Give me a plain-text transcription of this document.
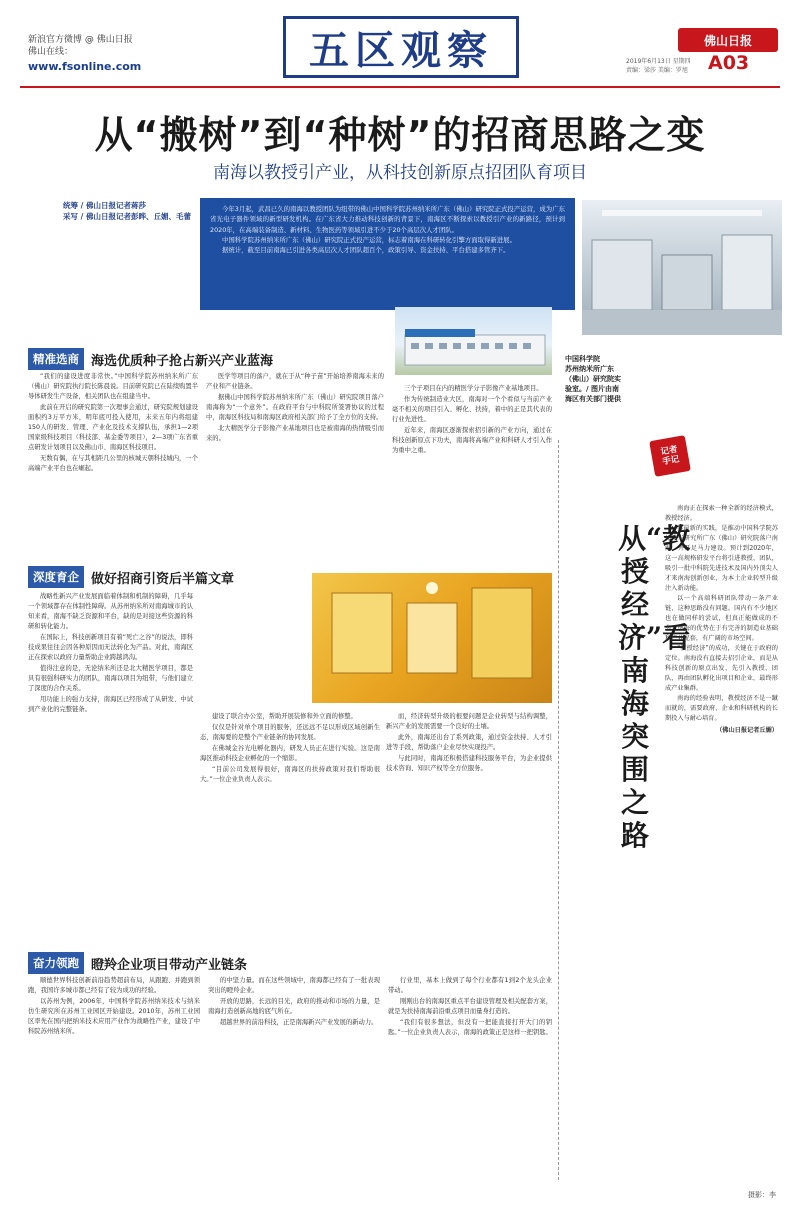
新浪官方微博 @ 佛山日报
佛山在线：
www.fsonline.com	五区观察	佛山日报
2019年6月13日 星期四
责编：梁莎 美编：罗旭 A03
从“搬树”到“种树”的招商思路之变
南海以教授引产业，从科技创新原点招团队育项目
统筹 / 佛山日报记者蒋莎
采写 / 佛山日报记者彭晔、丘媚、毛蕾

今年3月起，武昌已久的南海以教授团队为纽带的佛山中国科学院苏州纳米所广东（佛山）研究院正式投产运营，成为广东省光电子器件领域的新型研发机构。在广东省大力推动科技创新的背景下，南海区不断探索以教授引产业的新路径，预计到2020年，在高端装备制造、新材料、生物医药等领域引进不少于20个高层次人才团队。

中国科学院苏州纳米所广东（佛山）研究院正式投产运营，标志着南海在科研转化引擎方面取得新进展。

据统计，截至目前南海已引进各类高层次人才团队超百个，政策引导、资金扶持、平台搭建多管齐下。

中国科学院
苏州纳米所广东
（佛山）研究院实
验室。/ 图片由南
海区有关部门提供
精准选商 海选优质种子抢占新兴产业蓝海

“我们的建设进度非常快。”中国科学院苏州纳米所广东（佛山）研究院执行院长陈晨说。目前研究院已在陆续购置半导体研发生产设备，相关团队也在组建当中。

此前在开启的研究院第一次理事会通过，研究院规划建设面积约3万平方米，明年底可投入使用，未来五年内将组建150人的研发、管理、产业化及技术支撑队伍，承担1—2项国家级科技项目（科技部、基金委等项目），2—3项广东省重点研发计划项目以及佛山市、南海区科技项目。

无数有偶，在与其相距几公里的核城天朝科技城内，一个高端产业平台也在崛起。

医学等项目的落户，就在于从“种子苗”开始培养南海未来的产业和产业链条。

据佛山中国科学院苏州纳米所广东（佛山）研究院项目落户南海称为“一个意外”。在政府平台与中科院所签署协议的过程中，南海区科技局和南海区政府相关部门给予了全方位的支持。

北大精医学分子影像产业基地项目也是被南海的热情吸引而来的。

三个子项目在内的精医学分子影像产业基地项目。

作为传统制造业大区，南海对一个个看似与当前产业毫不相关的项目引入、孵化、扶持，着中的正是其代表的行业先进性。

近年来，南海区逐渐探索招引新的产业方向，通过在科技创新原点下功夫，南海将高端产业和科研人才引入作为重中之重。

深度育企 做好招商引资后半篇文章

战略性新兴产业发展面临着体制和机制的障碍，几乎每一个领域都存在体制性障碍。从苏州纳米所对南海城市的认知来看，南海不缺乏资源和平台，缺的是对接这些资源的科研和转化能力。

在国际上，科技创新项目有着“死亡之谷”的说法，即科技成果往往会因各种原因而无法转化为产品。对此，南海区正在探索以政府力量帮助企业跨越鸿沟。

值得注意的是，无论纳米所还是北大精医学项目，都是具有很强科研实力的团队，南海以项目为纽带，与他们建立了深度的合作关系。

用功能上的强力支持，南海区已经形成了从研发、中试到产业化的完整链条。

建设了联合办公室，帮助开展装修和外立面的修整。

仅仅是针对单个项目的服务，还远远不足以形成区域创新生态，南海要的是整个产业链条的协同发展。

在佛城金谷光电孵化器内，研发人员正在进行实验。这是南海区推动科技企业孵化的一个缩影。

“目前公司发展得很好，南海区的扶持政策对我们帮助很大。”一位企业负责人表示。

而，经济转型升级的根要问题是企业转型与结构调整，新兴产业的发展需要一个良好的土壤。

此外，南海还出台了系列政策，通过资金扶持、人才引进等手段，帮助落户企业尽快实现投产。

与此同时，南海还积极搭建科技服务平台，为企业提供技术咨询、知识产权等全方位服务。

奋力领跑 瞪羚企业项目带动产业链条

顺德世界科技创新前沿趋势超前布局，从跟跑、并跑到领跑，我国许多城市都已经有了较为成功的经验。

以苏州为例，2006年，中国科学院苏州纳米技术与纳米仿生研究所在苏州工业园区开始建设。2010年，苏州工业园区率先在国内把纳米技术应用产业作为战略性产业，建设了中科院苏州纳米所。

的中坚力量。而在这些领域中，南海都已经有了一批表现突出的瞪羚企业。

开放的思路，长远的目光，政府的推动和市场的力量，是南海打造创新高地的底气所在。

超越世界的前沿科技，正是南海新兴产业发展的新动力。

行业里，基本上做到了每个行业都有1到2个龙头企业带动。

刚刚出台的南海区重点平台建设管理及相关配套方案，就是为扶持南海前沿重点项目而量身打造的。

“我们有很多想法，但没有一把能直接打开大门的钥匙。”一位企业负责人表示，南海的政策正是这样一把钥匙。

记者
手记
从“教授经济”看南海突围之路

南海正在探索一种全新的经济模式，教授经济。

其最新的实践，是推动中国科学院苏州纳米研究所广东（佛山）研究院落户南海，并开足马力建设。预计到2020年，这一高规格研发平台将引进教授、团队，吸引一批中科院先进技术及国内外顶尖人才来南海创新创业，为本土企业转型升级注入新动能。

以一个高端科研团队带动一条产业链，这种思路没有问题。国内有不少地区也在做同样的尝试，但真正能做成的不多。南海的优势在于有完善的制造业基础和产业配套，有广阔的市场空间。

“教授经济”的成功，关键在于政府的定位。南海没有直接去招引企业，而是从科技创新的原点出发，先引入教授、团队，再由团队孵化出项目和企业，最终形成产业集群。

南海的经验表明，教授经济不是一蹴而就的，需要政府、企业和科研机构的长期投入与耐心培育。

（佛山日报记者丘媚）

摄影：李
